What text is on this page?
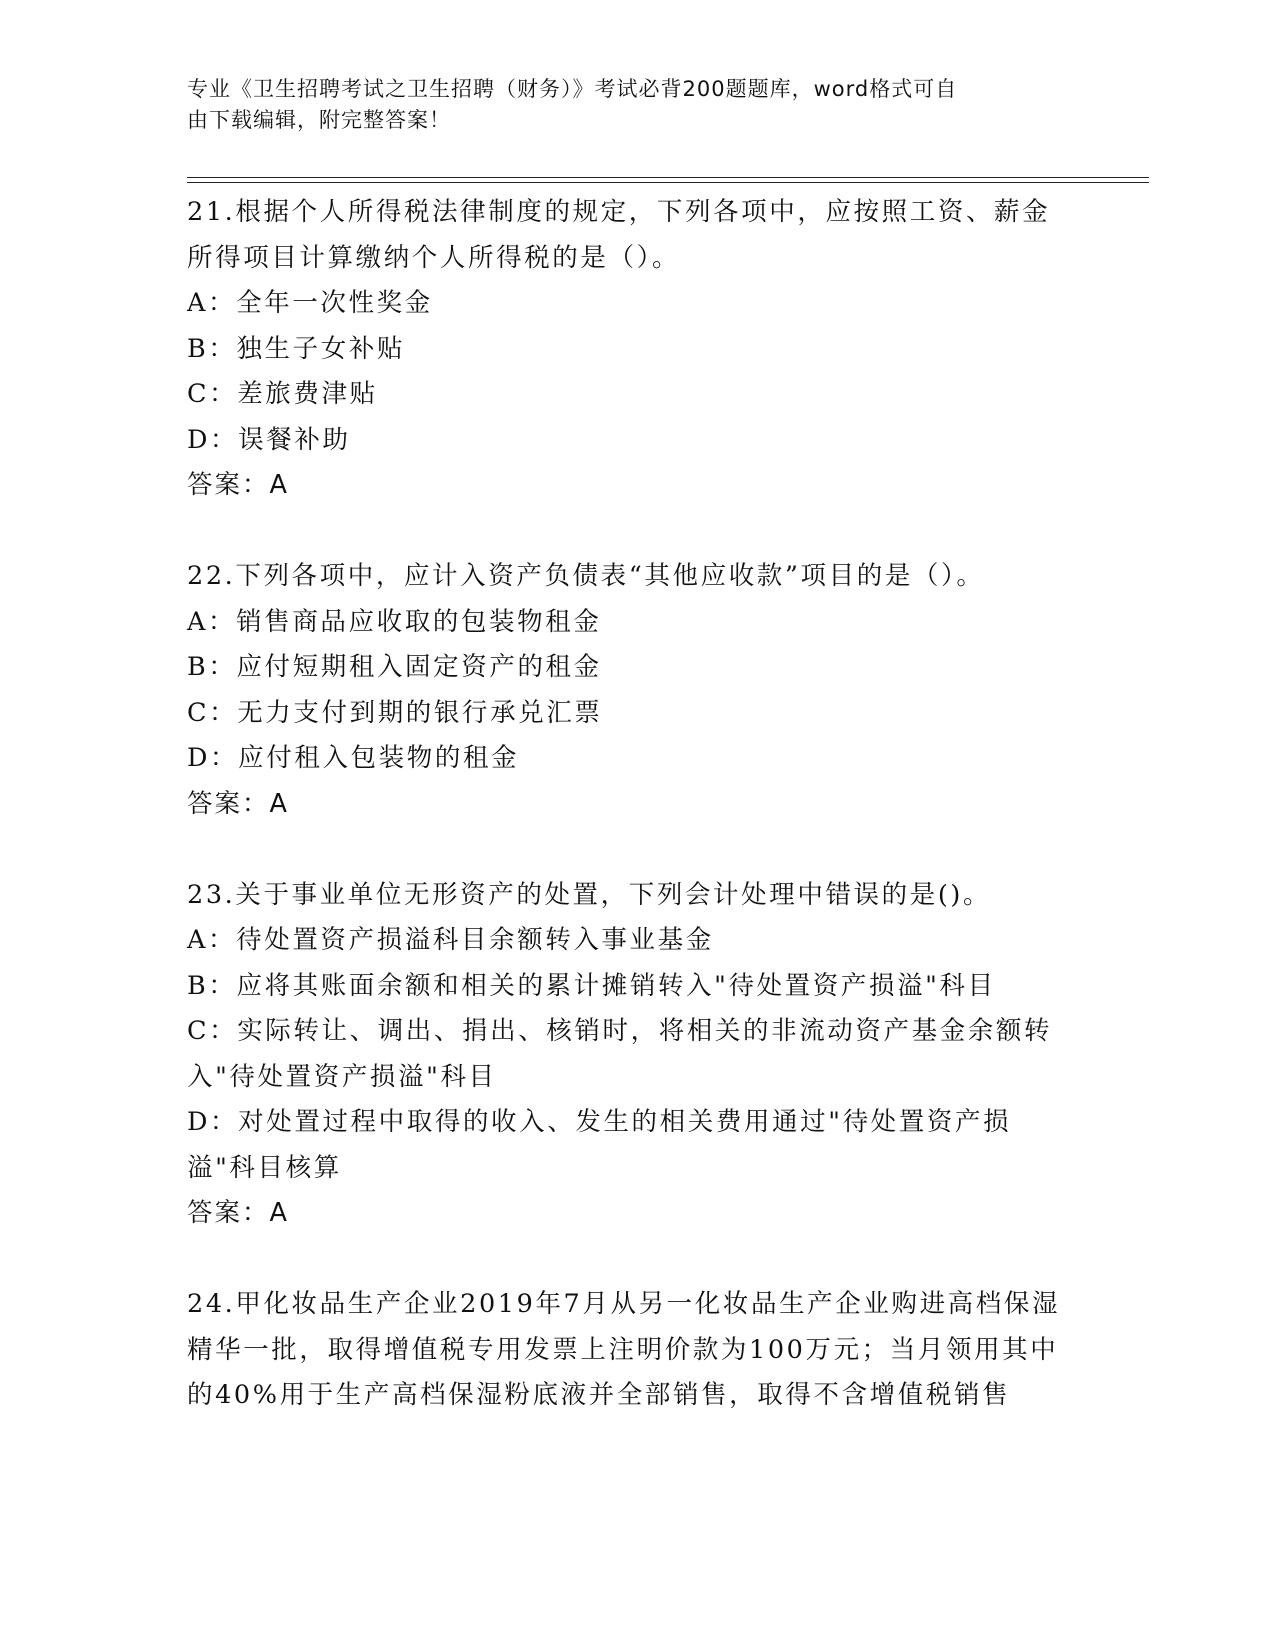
专业《卫生招聘考试之卫生招聘（财务）》考试必背200题题库，word格式可自
由下载编辑，附完整答案！

21.根据个人所得税法律制度的规定，下列各项中，应按照工资、薪金所得项目计算缴纳个人所得税的是（）。

A：全年一次性奖金

B：独生子女补贴

C：差旅费津贴

D：误餐补助

答案：A

22.下列各项中，应计入资产负债表“其他应收款”项目的是（）。

A：销售商品应收取的包装物租金

B：应付短期租入固定资产的租金

C：无力支付到期的银行承兑汇票

D：应付租入包装物的租金

答案：A

23.关于事业单位无形资产的处置，下列会计处理中错误的是()。

A：待处置资产损溢科目余额转入事业基金

B：应将其账面余额和相关的累计摊销转入"待处置资产损溢"科目

C：实际转让、调出、捐出、核销时，将相关的非流动资产基金余额转入"待处置资产损溢"科目

D：对处置过程中取得的收入、发生的相关费用通过"待处置资产损溢"科目核算

答案：A

24.甲化妆品生产企业2019年7月从另一化妆品生产企业购进高档保湿精华一批，取得增值税专用发票上注明价款为100万元；当月领用其中的40%用于生产高档保湿粉底液并全部销售，取得不含增值税销售
